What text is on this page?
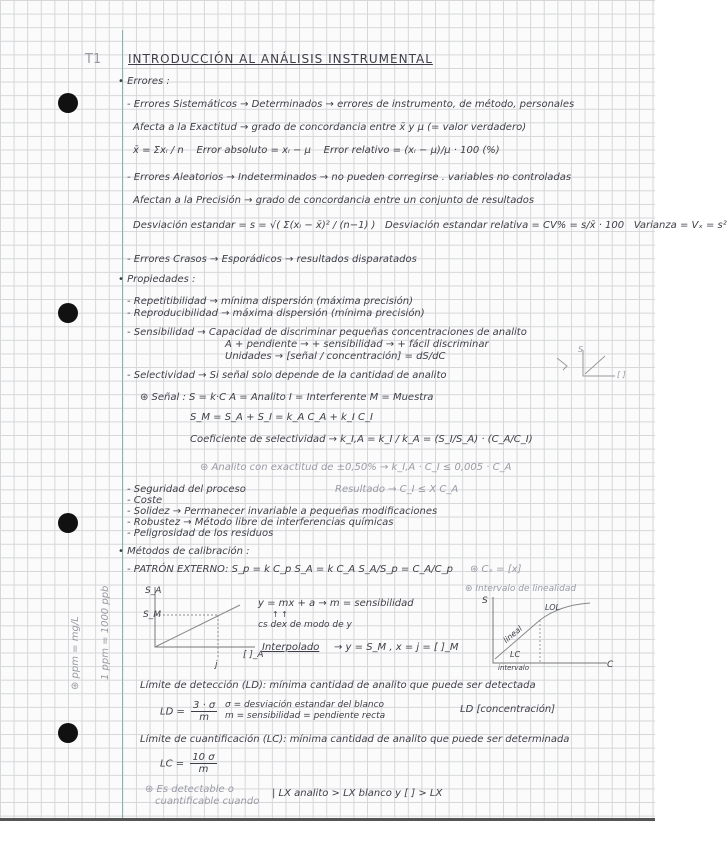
T1 INTRODUCCIÓN AL ANÁLISIS INSTRUMENTAL
• Errores :
- Errores Sistemáticos → Determinados → errores de instrumento, de método, personales
Afecta a la Exactitud → grado de concordancia entre x̄ y μ (= valor verdadero)
x̄ = Σxᵢ / n Error absoluto = xᵢ − μ Error relativo = (xᵢ − μ)/μ · 100 (%)
- Errores Aleatorios → Indeterminados → no pueden corregirse . variables no controladas
Afectan a la Precisión → grado de concordancia entre un conjunto de resultados
Desviación estandar = s = √( Σ(xᵢ − x̄)² / (n−1) ) Desviación estandar relativa = CV% = s/x̄ · 100 Varianza = Vₓ = s²
- Errores Crasos → Esporádicos → resultados disparatados
• Propiedades :
- Repetitibilidad → mínima dispersión (máxima precisión)
- Reproducibilidad → máxima dispersión (mínima precisión)
- Sensibilidad → Capacidad de discriminar pequeñas concentraciones de analito
A + pendiente → + sensibilidad → + fácil discriminar
Unidades → [señal / concentración] = dS/dC
S
[ ]
- Selectividad → Si señal solo depende de la cantidad de analito
⊛ Señal : S = k·C A = Analito I = Interferente M = Muestra
S_M = S_A + S_I = k_A C_A + k_I C_I
Coeficiente de selectividad → k_I,A = k_I / k_A = (S_I/S_A) · (C_A/C_I)
⊛ Analito con exactitud de ±0,50% → k_I,A · C_I ≤ 0,005 · C_A
- Seguridad del proceso	Resultado → C_I ≤ X C_A
- Coste
- Solidez → Permanecer invariable a pequeñas modificaciones
- Robustez → Método libre de interferencias químicas
- Peligrosidad de los residuos
• Métodos de calibración :
- PATRÓN EXTERNO: S_p = k C_p S_A = k C_A S_A/S_p = C_A/C_p ⊛ Cₓ = [x]
S_A
S_M
[ ]_A
j
y = mx + a → m = sensibilidad
↑ ↑
cs dex de modo de y
Interpolado → y = S_M , x = j = [ ]_M
⊛ Intervalo de linealidad
S
C
LOL
lineal
LC
intervalo
Límite de detección (LD): mínima cantidad de analito que puede ser detectada
LD = $\frac{3 \cdot \sigma}{m}$ σ = desviación estandar del blanco
m = sensibilidad = pendiente recta
LD [concentración]
Límite de cuantificación (LC): mínima cantidad de analito que puede ser determinada
LC = $\frac{10 \sigma}{m}$
⊛ Es detectable o
cuantificable cuando
| LX analito > LX blanco y [ ] > LX
⊛ ppm = mg/L 1 ppm = 1000 ppb
